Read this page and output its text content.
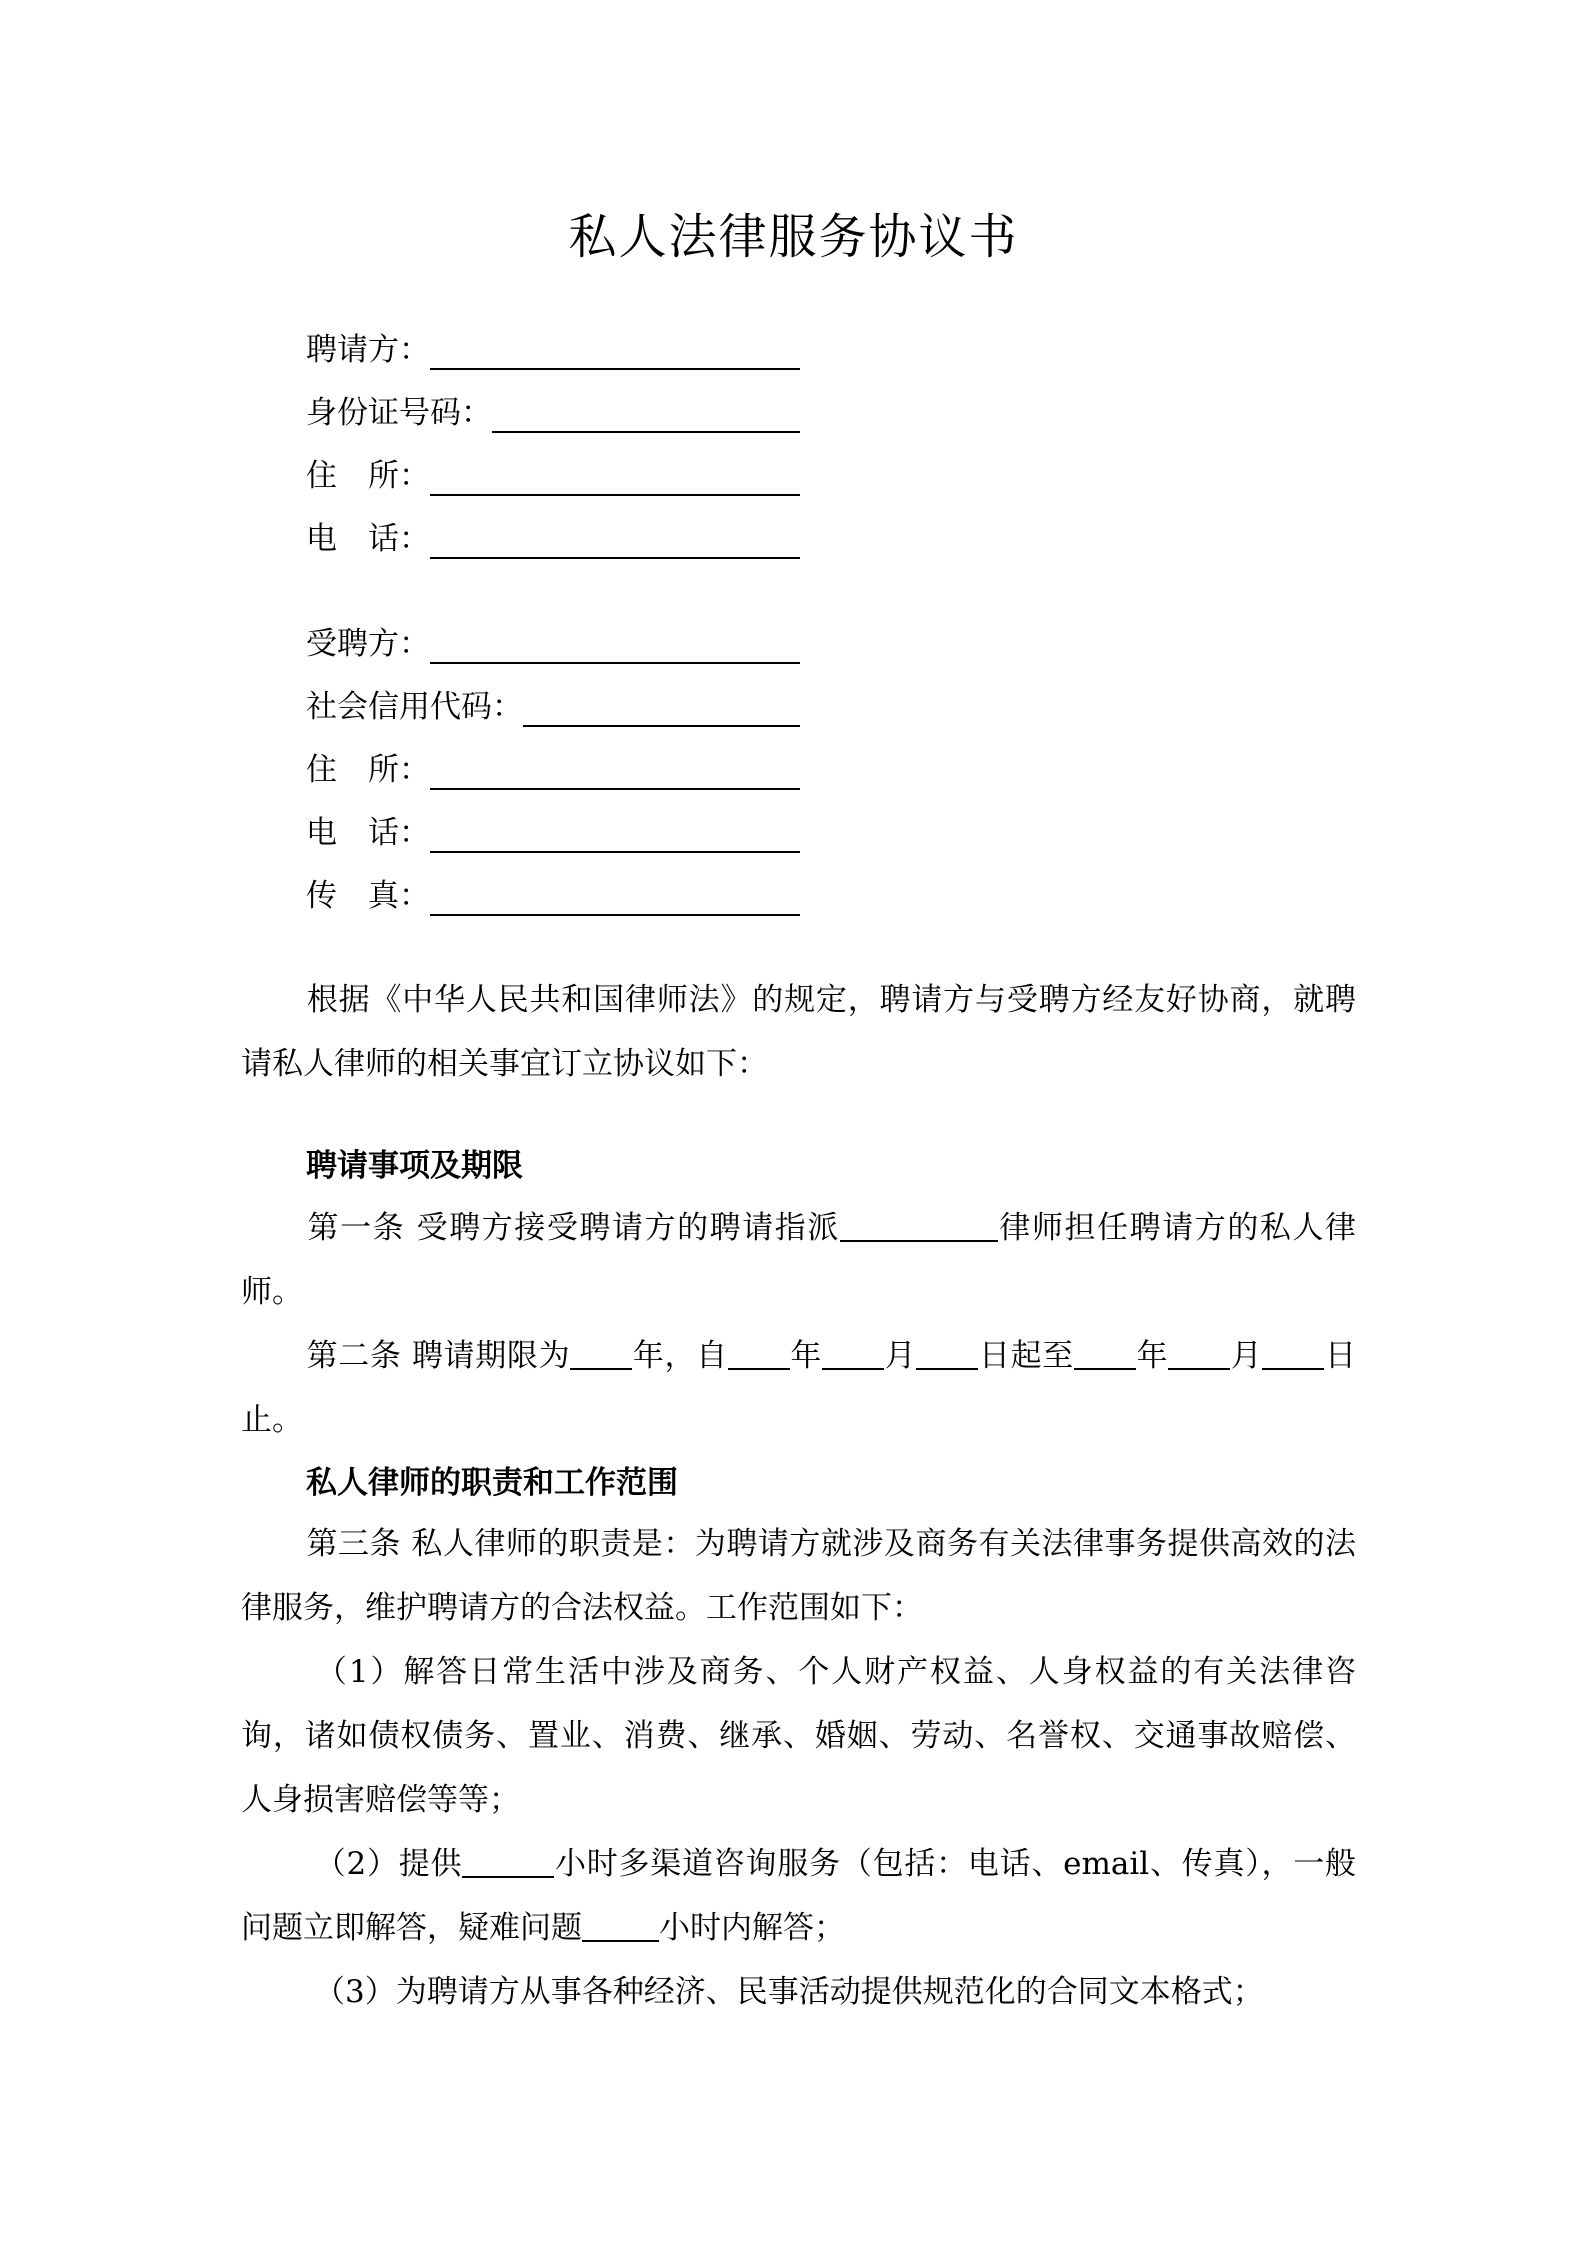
私人法律服务协议书
聘请方：
身份证号码：
住　所：
电　话：
受聘方：
社会信用代码：
住　所：
电　话：
传　真：
根据《中华人民共和国律师法》的规定，聘请方与受聘方经友好协商，就聘请私人律师的相关事宜订立协议如下：
聘请事项及期限
第一条 受聘方接受聘请方的聘请指派	律师担任聘请方的私人律师。
第二条 聘请期限为 年，自 年 月 日起至 年 月 日止。
私人律师的职责和工作范围
第三条 私人律师的职责是：为聘请方就涉及商务有关法律事务提供高效的法律服务，维护聘请方的合法权益。工作范围如下：
（1）解答日常生活中涉及商务、个人财产权益、人身权益的有关法律咨询，诸如债权债务、置业、消费、继承、婚姻、劳动、名誉权、交通事故赔偿、人身损害赔偿等等；
（2）提供	小时多渠道咨询服务（包括：电话、email、传真），一般问题立即解答，疑难问题 小时内解答；
（3）为聘请方从事各种经济、民事活动提供规范化的合同文本格式；
